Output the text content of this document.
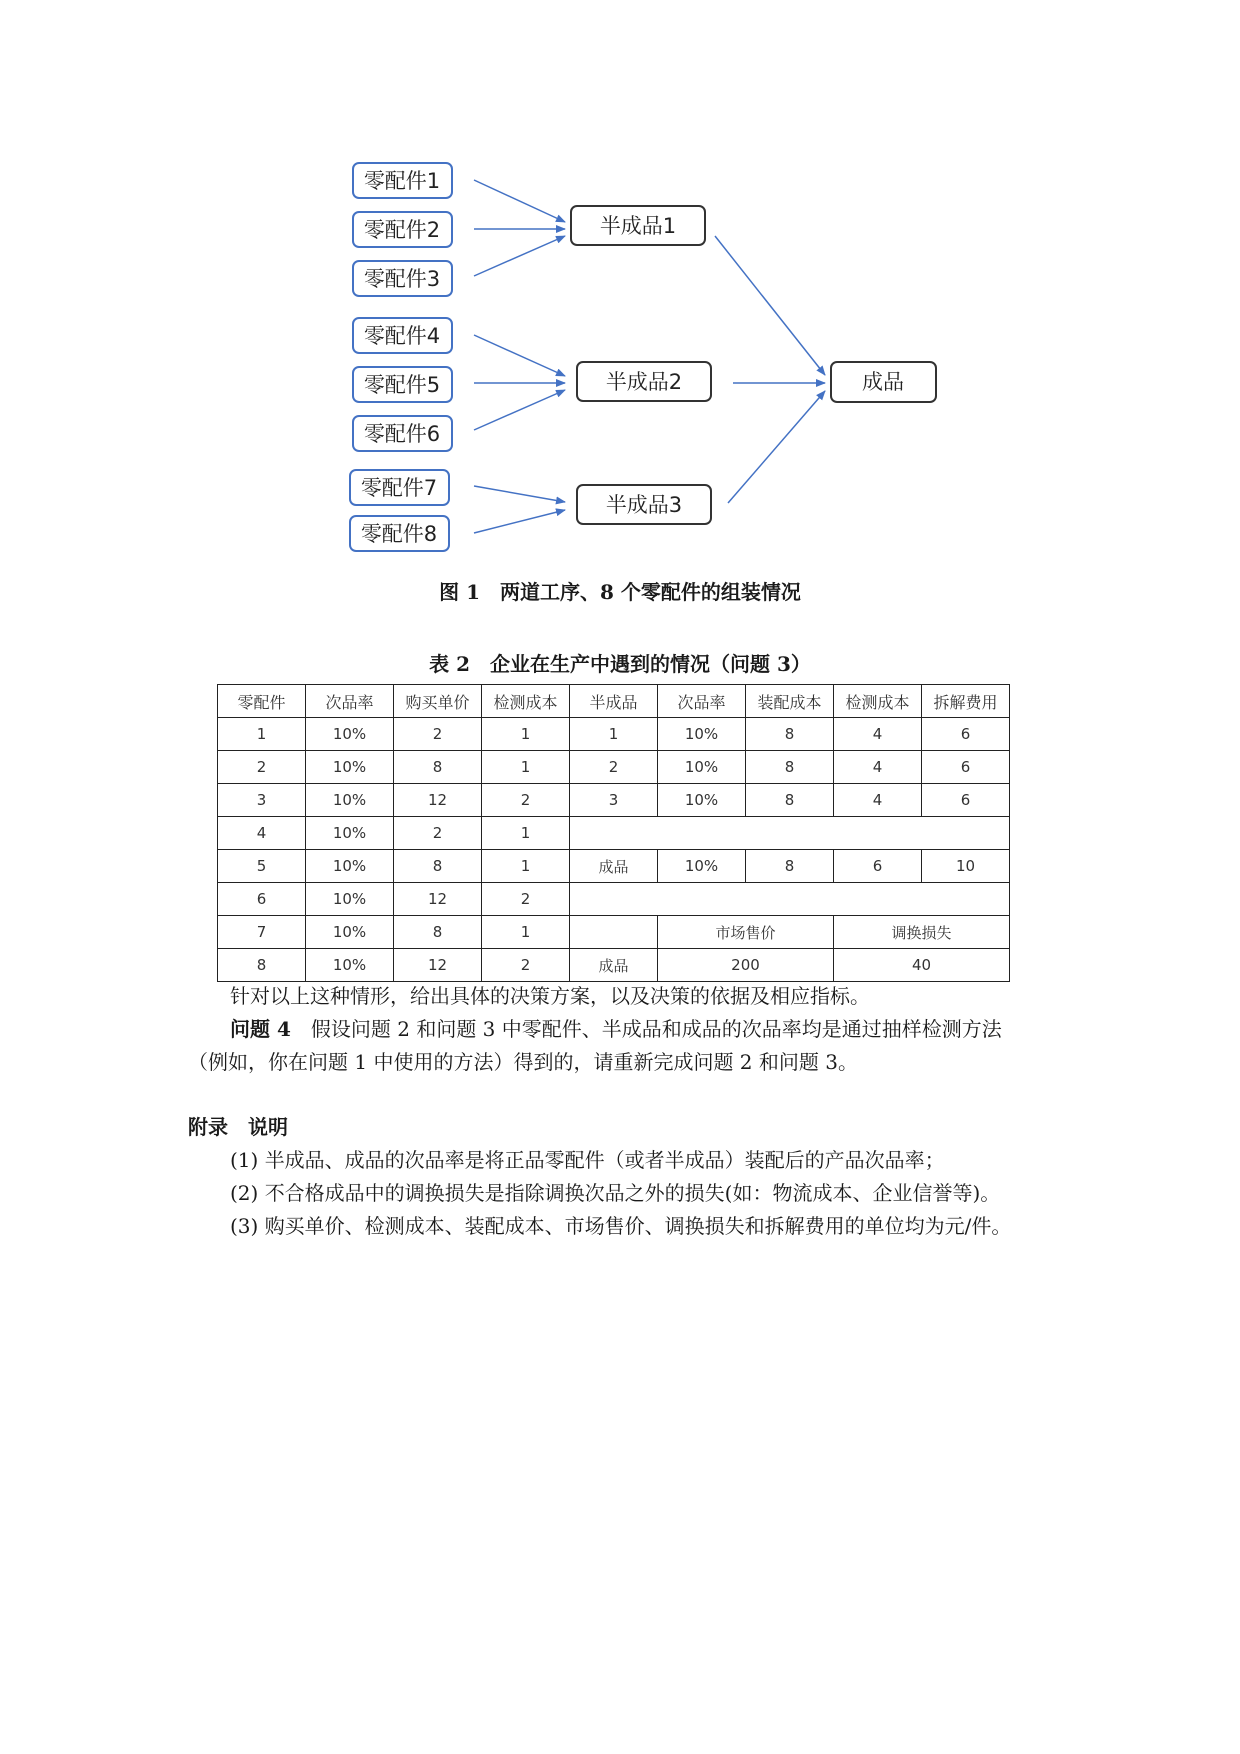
零配件1
零配件2
零配件3
零配件4
零配件5
零配件6
零配件7
零配件8
半成品1
半成品2
半成品3
成品
图 1　两道工序、8 个零配件的组装情况
表 2　企业在生产中遇到的情况（问题 3）
零配件	次品率	购买单价	检测成本	半成品	次品率	装配成本	检测成本	拆解费用
1	10%	2	1	1	10%	8	4	6
2	10%	8	1	2	10%	8	4	6
3	10%	12	2	3	10%	8	4	6
4	10%	2	1					
5	10%	8	1	成品	10%	8	6	10
6	10%	12	2					
7	10%	8	1		市场售价		调换损失	
8	10%	12	2	成品	200		40	
针对以上这种情形，给出具体的决策方案，以及决策的依据及相应指标。
问题 4　 假设问题 2 和问题 3 中零配件、半成品和成品的次品率均是通过抽样检测方法
（例如，你在问题 1 中使用的方法）得到的，请重新完成问题 2 和问题 3。
附录　说明
(1) 半成品、成品的次品率是将正品零配件（或者半成品）装配后的产品次品率；
(2) 不合格成品中的调换损失是指除调换次品之外的损失(如：物流成本、企业信誉等)。
(3) 购买单价、检测成本、装配成本、市场售价、调换损失和拆解费用的单位均为元/件。
